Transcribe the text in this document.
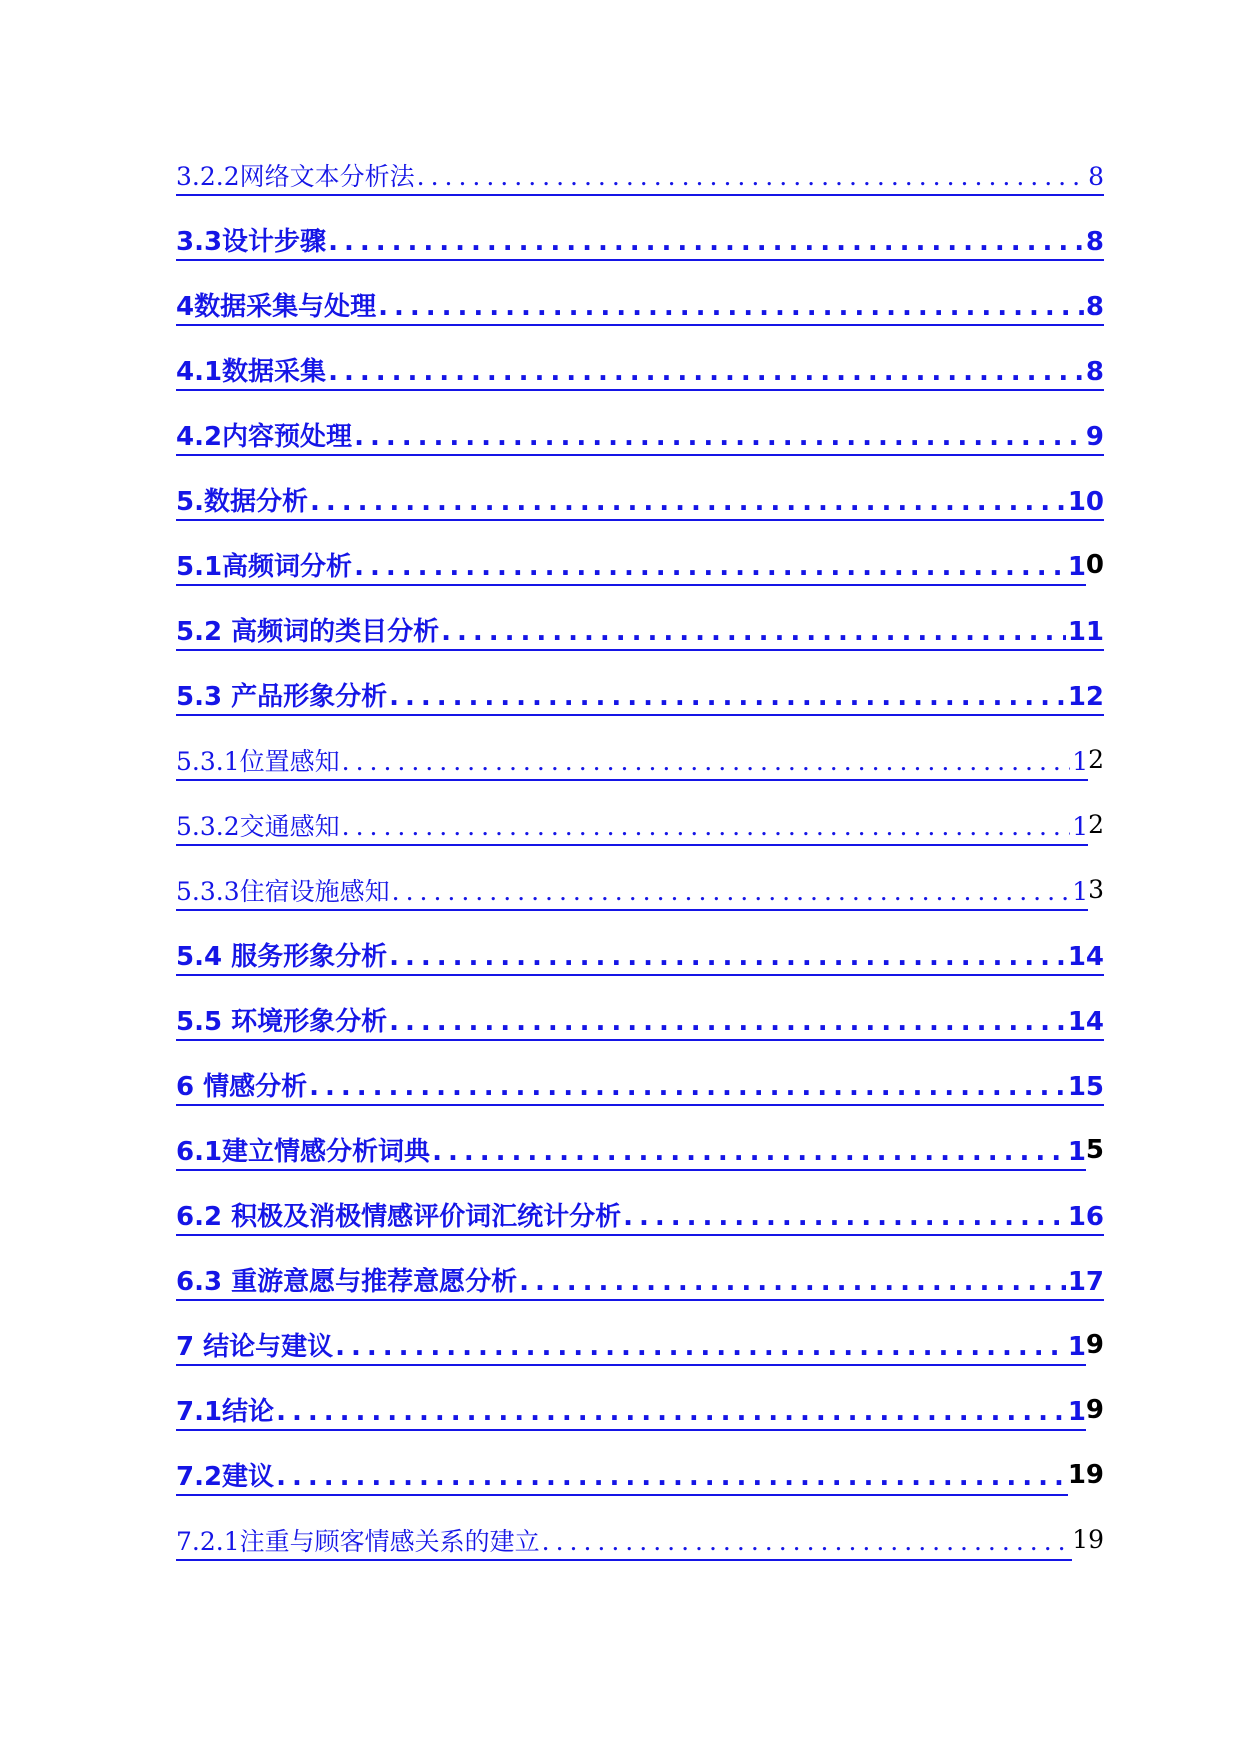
3.2.2网络文本分析法 .....	8
3.3设计步骤 .....	8
4数据采集与处理 .....	8
4.1数据采集 .....	8
4.2内容预处理 .....	9
5.数据分析 .....	10
5.1高频词分析 .....	1 0
5.2 高频词的类目分析 .....	11
5.3 产品形象分析 .....	12
5.3.1位置感知 .....	1 2
5.3.2交通感知 .....	1 2
5.3.3住宿设施感知 .....	1 3
5.4 服务形象分析 .....	14
5.5 环境形象分析 .....	14
6 情感分析 .....	15
6.1建立情感分析词典 .....	1 5
6.2 积极及消极情感评价词汇统计分析 .....	16
6.3 重游意愿与推荐意愿分析 .....	17
7 结论与建议 .....	1 9
7.1结论 .....	1 9
7.2建议 .....	19
7.2.1注重与顾客情感关系的建立 .....	19
